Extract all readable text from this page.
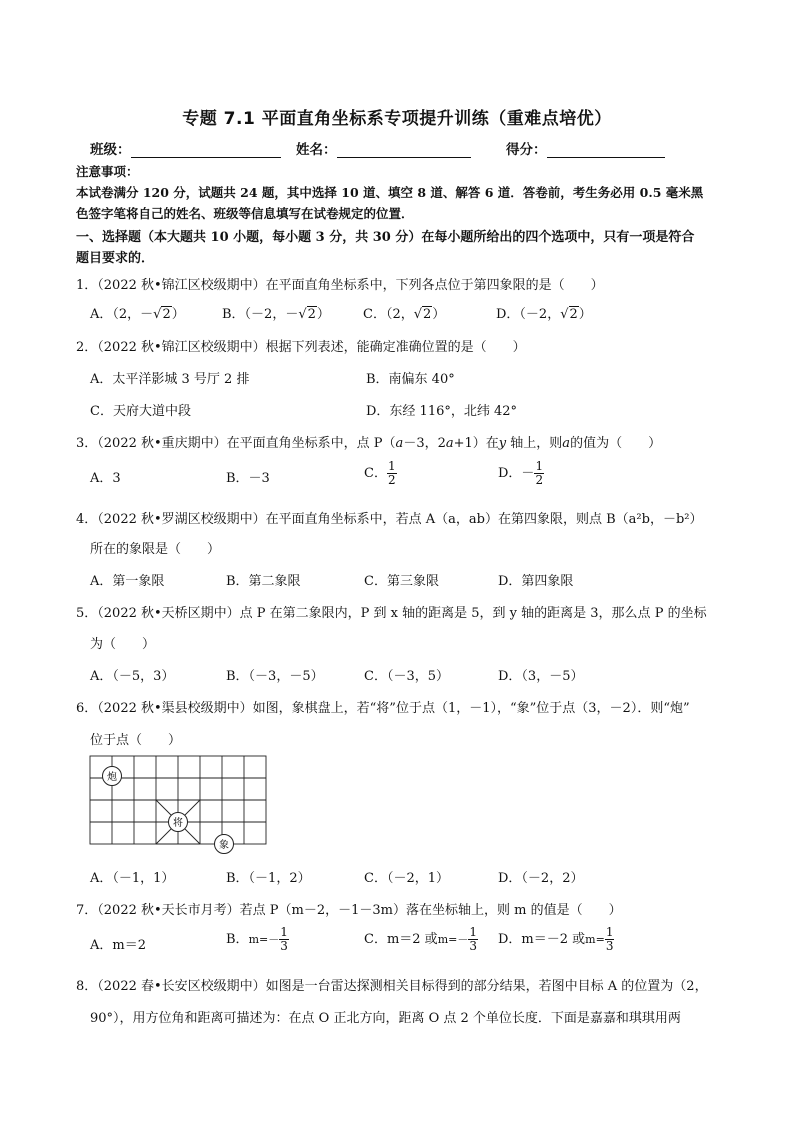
专题 7.1 平面直角坐标系专项提升训练（重难点培优）
班级：	姓名：	得分：
注意事项：
本试卷满分 120 分，试题共 24 题，其中选择 10 道、填空 8 道、解答 6 道．答卷前，考生务必用 0.5 毫米黑
色签字笔将自己的姓名、班级等信息填写在试卷规定的位置．
一、选择题（本大题共 10 小题，每小题 3 分，共 30 分）在每小题所给出的四个选项中，只有一项是符合
题目要求的．
1．（2022 秋•锦江区校级期中）在平面直角坐标系中，下列各点位于第四象限的是（　　）
A．（2，－√2）	B．（－2，－√2）	C．（2，√2）	D．（－2，√2）
2．（2022 秋•锦江区校级期中）根据下列表述，能确定准确位置的是（　　）
A．太平洋影城 3 号厅 2 排	B．南偏东 40°
C．天府大道中段	D．东经 116°，北纬 42°
3．（2022 秋•重庆期中）在平面直角坐标系中，点 P（a－3，2a+1）在y 轴上，则a的值为（　　）
A．3	B．－3	C． $\frac{1}{2}$	D．－ $\frac{1}{2}$
4．（2022 秋•罗湖区校级期中）在平面直角坐标系中，若点 A（a，ab）在第四象限，则点 B（a²b，－b²）
所在的象限是（　　）
A．第一象限	B．第二象限	C．第三象限	D．第四象限
5．（2022 秋•天桥区期中）点 P 在第二象限内，P 到 x 轴的距离是 5，到 y 轴的距离是 3，那么点 P 的坐标
为（　　）
A．（－5，3）	B．（－3，－5）	C．（－3，5）	D．（3，－5）
6．（2022 秋•渠县校级期中）如图，象棋盘上，若“将”位于点（1，－1），“象”位于点（3，－2）．则“炮”
位于点（　　）
炮
将
象
A．（－1，1）	B．（－1，2）	C．（－2，1）	D．（－2，2）
7．（2022 秋•天长市月考）若点 P（m－2，－1－3m）落在坐标轴上，则 m 的值是（　　）
A．m＝2	B．$m=- \frac{1}{3}$	C．m＝2 或$m=- \frac{1}{3}$ D．m＝－2 或$m= \frac{1}{3}$
8．（2022 春•长安区校级期中）如图是一台雷达探测相关目标得到的部分结果，若图中目标 A 的位置为（2，
90°），用方位角和距离可描述为：在点 O 正北方向，距离 O 点 2 个单位长度．下面是嘉嘉和琪琪用两
